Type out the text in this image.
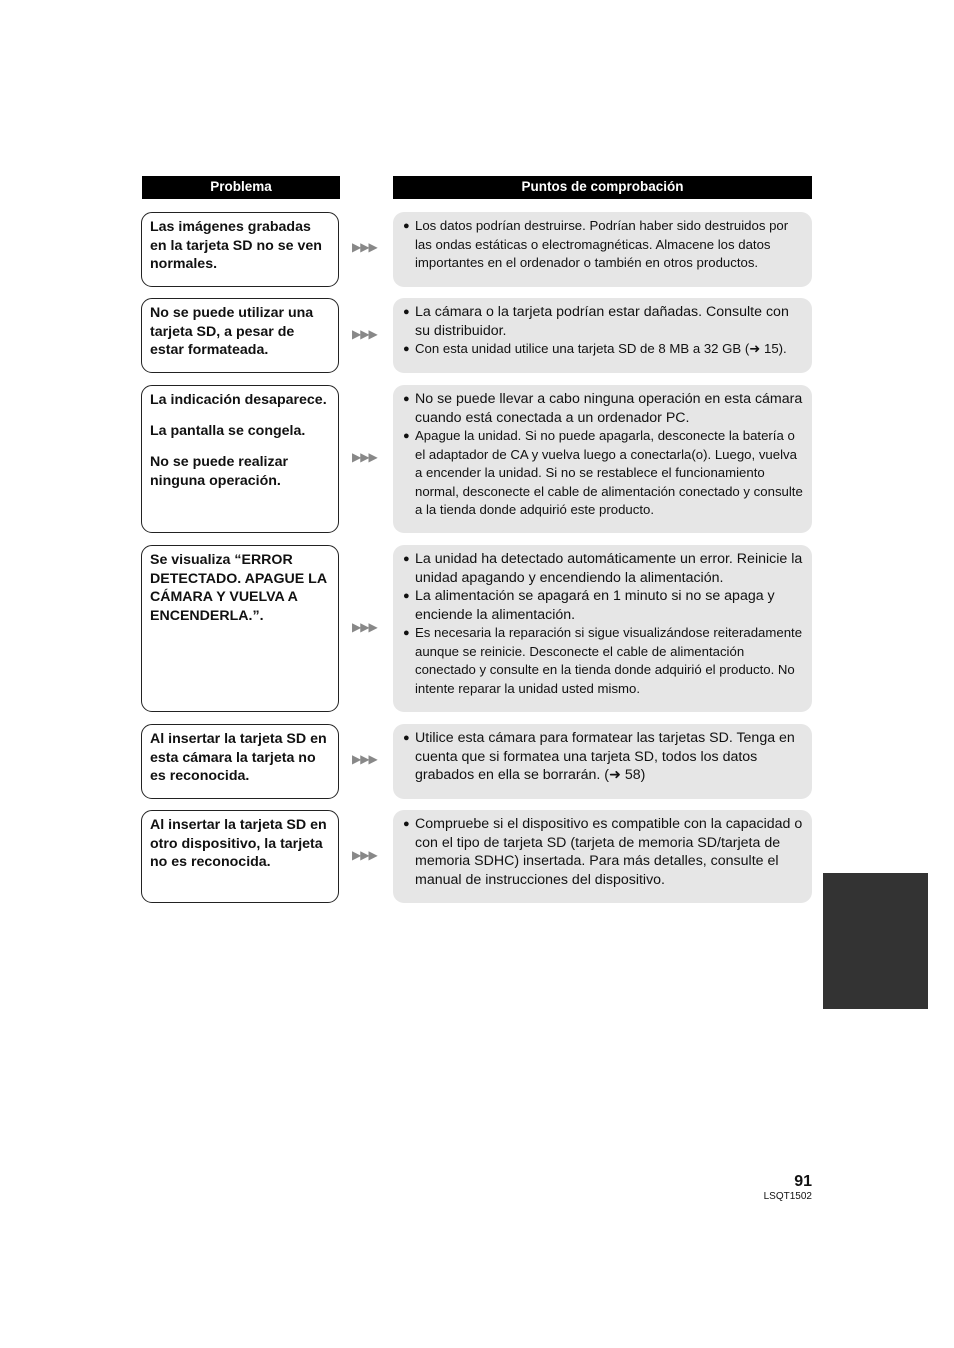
Problema	Puntos de comprobación

Las imágenes grabadas en la tarjeta SD no se ven normales.

▶▶▶
● Los datos podrían destruirse. Podrían haber sido destruidos por las ondas estáticas o electromagnéticas. Almacene los datos importantes en el ordenador o también en otros productos.

No se puede utilizar una tarjeta SD, a pesar de estar formateada.

▶▶▶
● La cámara o la tarjeta podrían estar dañadas. Consulte con su distribuidor.
● Con esta unidad utilice una tarjeta SD de 8 MB a 32 GB (➜ 15).

La indicación desaparece.

La pantalla se congela.

No se puede realizar ninguna operación.

▶▶▶
● No se puede llevar a cabo ninguna operación en esta cámara cuando está conectada a un ordenador PC.
● Apague la unidad. Si no puede apagarla, desconecte la batería o el adaptador de CA y vuelva luego a conectarla(o). Luego, vuelva a encender la unidad. Si no se restablece el funcionamiento normal, desconecte el cable de alimentación conectado y consulte a la tienda donde adquirió este producto.

Se visualiza “ERROR DETECTADO. APAGUE LA CÁMARA Y VUELVA A ENCENDERLA.”.

▶▶▶
● La unidad ha detectado automáticamente un error. Reinicie la unidad apagando y encendiendo la alimentación.
● La alimentación se apagará en 1 minuto si no se apaga y enciende la alimentación.
● Es necesaria la reparación si sigue visualizándose reiteradamente aunque se reinicie. Desconecte el cable de alimentación conectado y consulte en la tienda donde adquirió el producto. No intente reparar la unidad usted mismo.

Al insertar la tarjeta SD en esta cámara la tarjeta no es reconocida.

▶▶▶
● Utilice esta cámara para formatear las tarjetas SD. Tenga en cuenta que si formatea una tarjeta SD, todos los datos grabados en ella se borrarán. (➜ 58)

Al insertar la tarjeta SD en otro dispositivo, la tarjeta no es reconocida.	▶▶▶
● Compruebe si el dispositivo es compatible con la capacidad o con el tipo de tarjeta SD (tarjeta de memoria SD/tarjeta de memoria SDHC) insertada. Para más detalles, consulte el manual de instrucciones del dispositivo.
91
LSQT1502
